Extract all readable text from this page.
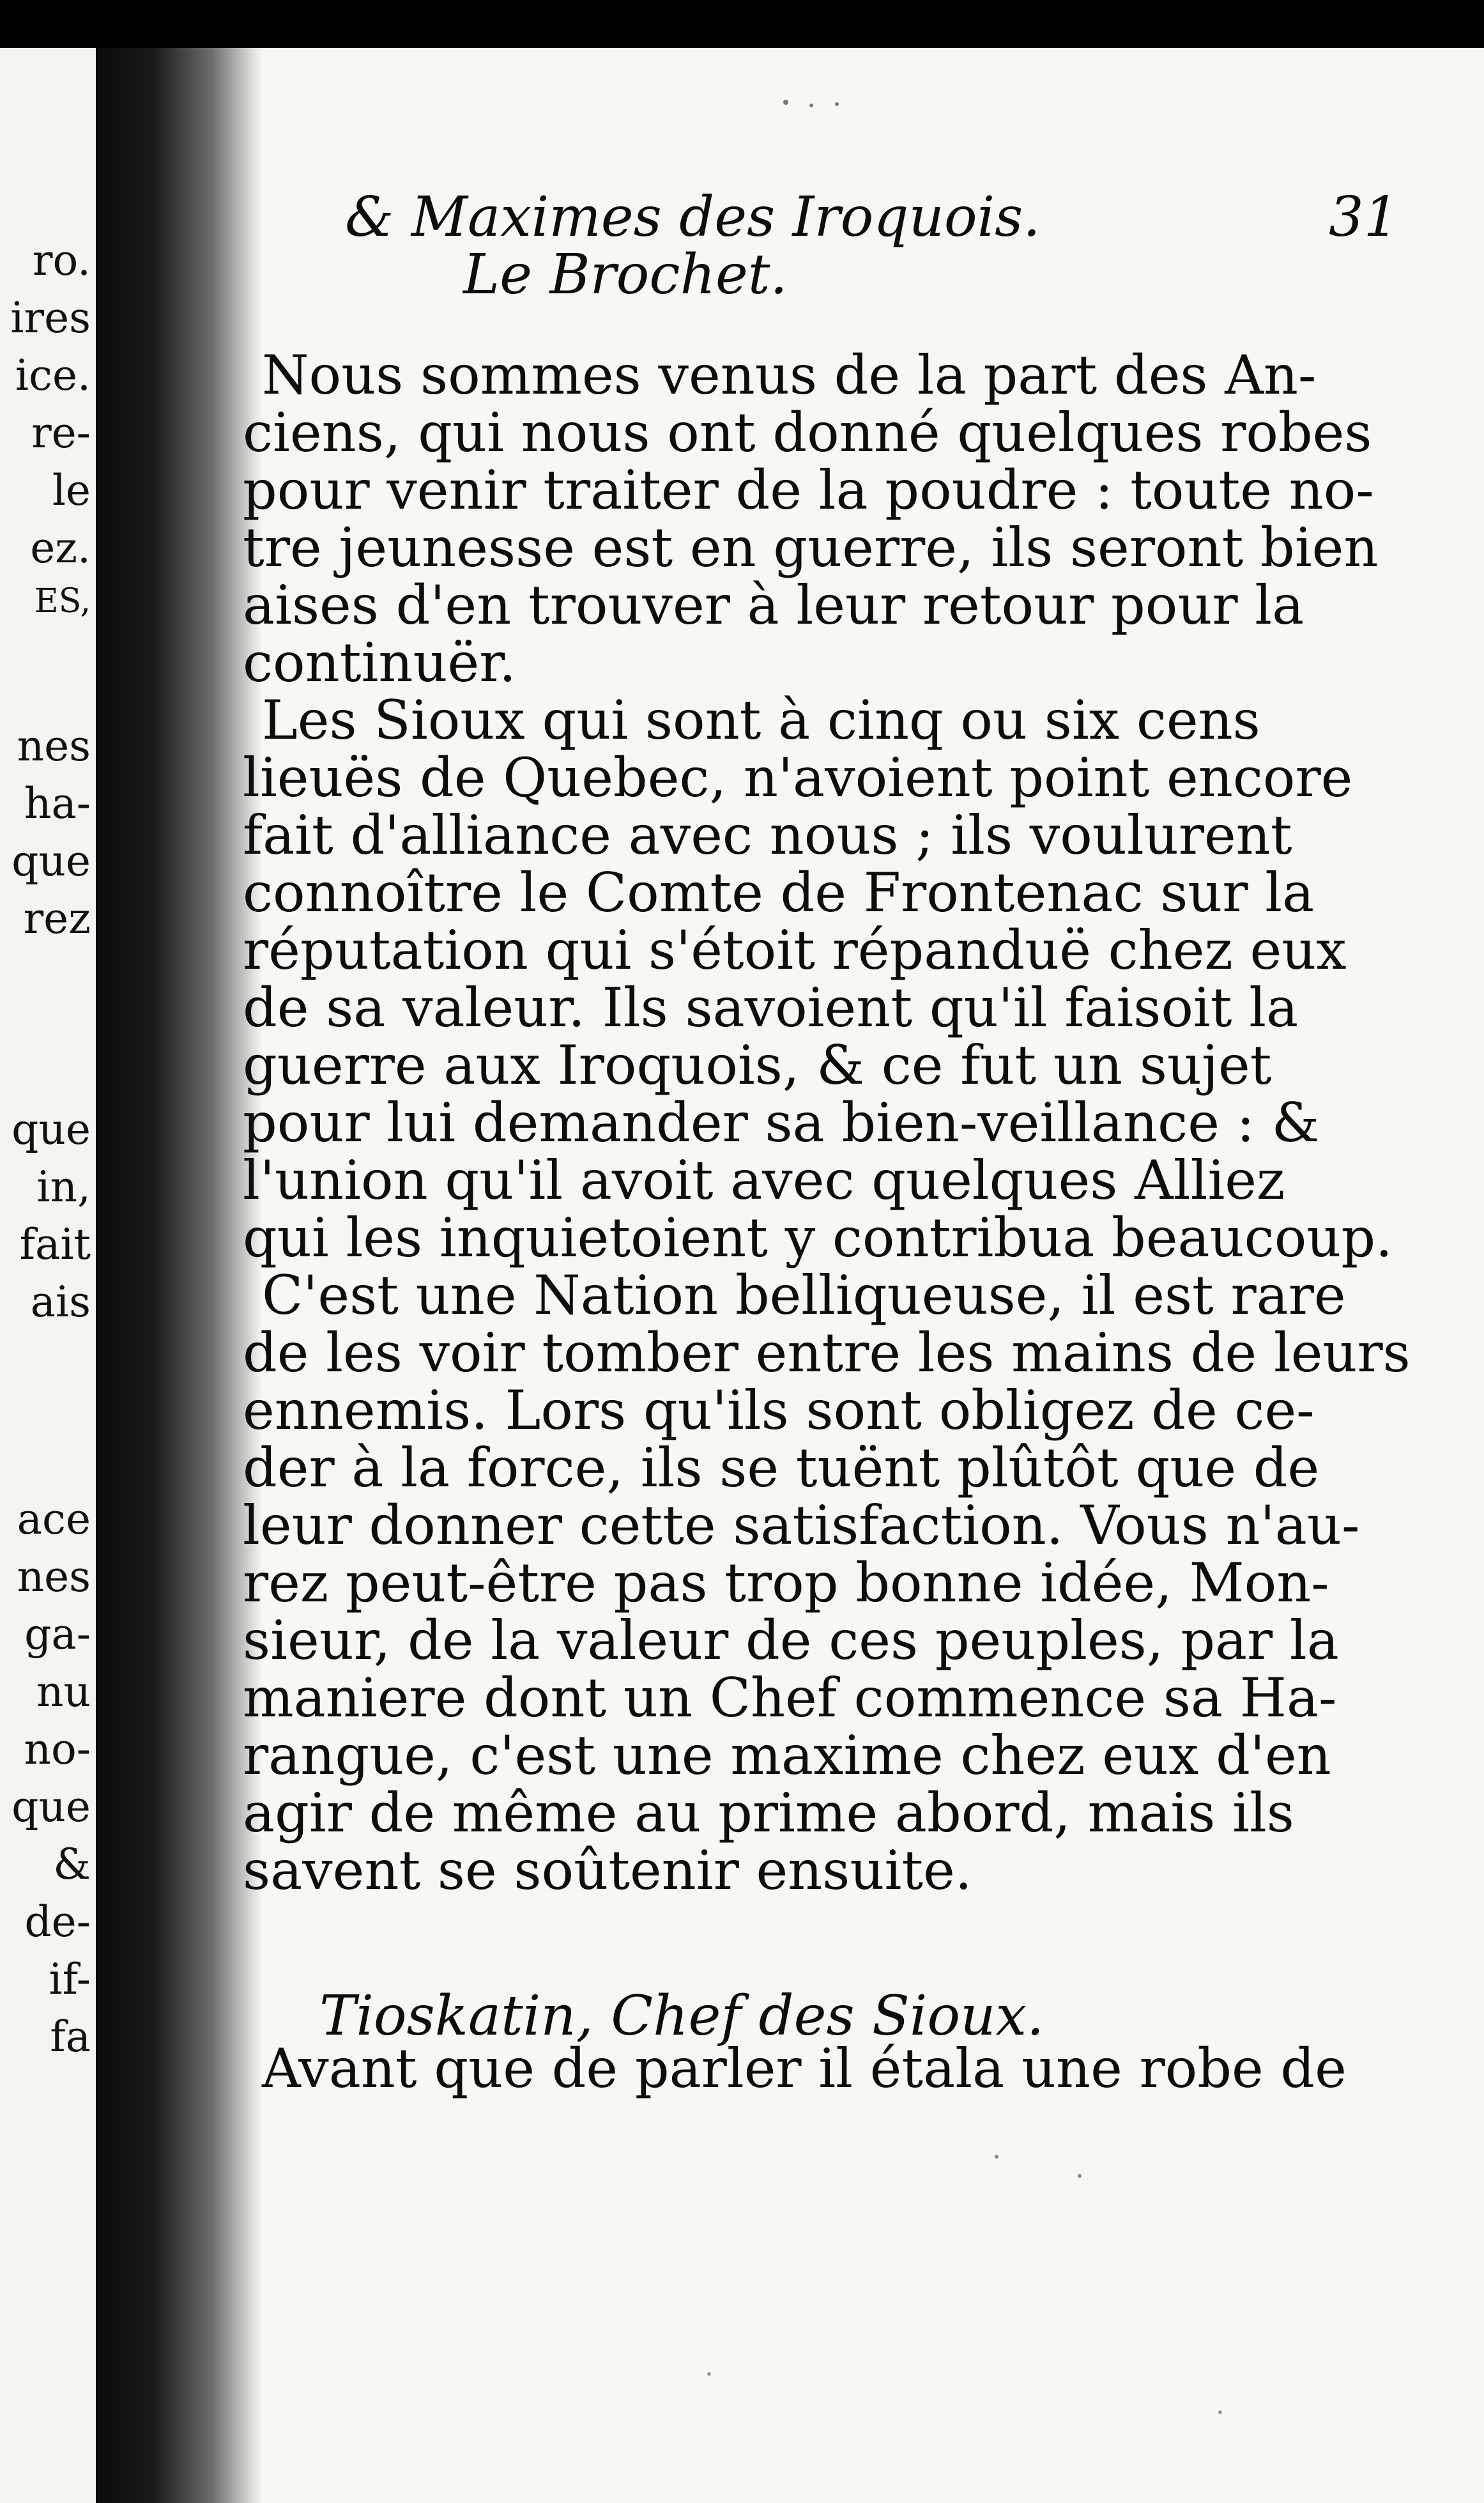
ro.
ires
ice.
re-
le
ez.
ES,
nes
ha-
que
rez
que
in,
fait
ais
ace
nes
ga-
nu
no-
que
&
de-
if-
fa
& Maximes des Iroquois.	31
Le Brochet.
Nous sommes venus de la part des An-
ciens, qui nous ont donné quelques robes
pour venir traiter de la poudre : toute no-
tre jeunesse est en guerre, ils seront bien
aises d'en trouver à leur retour pour la
continuër.
Les Sioux qui sont à cinq ou six cens
lieuës de Quebec, n'avoient point encore
fait d'alliance avec nous ; ils voulurent
connoître le Comte de Frontenac sur la
réputation qui s'étoit répanduë chez eux
de sa valeur. Ils savoient qu'il faisoit la
guerre aux Iroquois, & ce fut un sujet
pour lui demander sa bien-veillance : &
l'union qu'il avoit avec quelques Alliez
qui les inquietoient y contribua beaucoup.
C'est une Nation belliqueuse, il est rare
de les voir tomber entre les mains de leurs
ennemis. Lors qu'ils sont obligez de ce-
der à la force, ils se tuënt plûtôt que de
leur donner cette satisfaction. Vous n'au-
rez peut-être pas trop bonne idée, Mon-
sieur, de la valeur de ces peuples, par la
maniere dont un Chef commence sa Ha-
rangue, c'est une maxime chez eux d'en
agir de même au prime abord, mais ils
savent se soûtenir ensuite.
Tioskatin, Chef des Sioux.
Avant que de parler il étala une robe de
